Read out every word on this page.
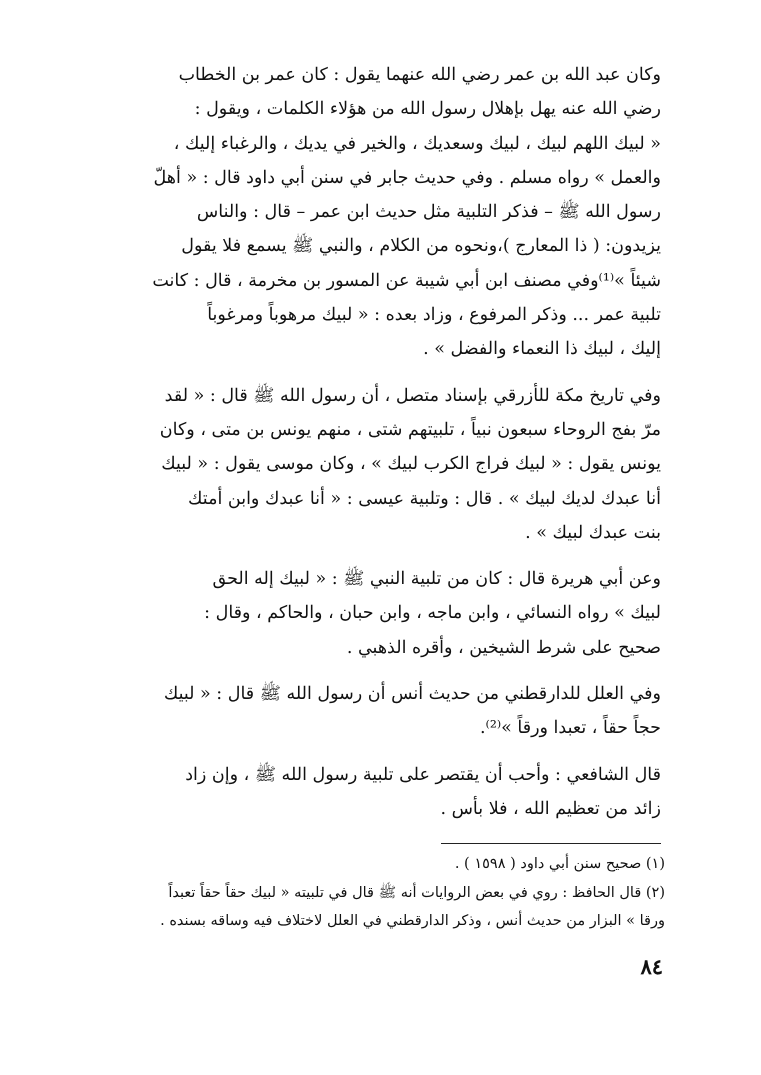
وكان عبد الله بن عمر رضي الله عنهما يقول : كان عمر بن الخطاب
رضي الله عنه يهل بإهلال رسول الله من هؤلاء الكلمات ، ويقول :
« لبيك اللهم لبيك ، لبيك وسعديك ، والخير في يديك ، والرغباء إليك ،
والعمل » رواه مسلم . وفي حديث جابر في سنن أبي داود قال : « أهلّ
رسول الله ﷺ – فذكر التلبية مثل حديث ابن عمر – قال : والناس
يزيدون: ( ذا المعارج )،ونحوه من الكلام ، والنبي ﷺ يسمع فلا يقول
شيئاً »⁽¹⁾وفي مصنف ابن أبي شيبة عن المسور بن مخرمة ، قال : كانت
تلبية عمر ... وذكر المرفوع ، وزاد بعده : « لبيك مرهوباً ومرغوباً
إليك ، لبيك ذا النعماء والفضل » .
وفي تاريخ مكة للأزرقي بإسناد متصل ، أن رسول الله ﷺ قال : « لقد
مرّ بفج الروحاء سبعون نبياً ، تلبيتهم شتى ، منهم يونس بن متى ، وكان
يونس يقول : « لبيك فراج الكرب لبيك » ، وكان موسى يقول : « لبيك
أنا عبدك لديك لبيك » . قال : وتلبية عيسى : « أنا عبدك وابن أمتك
بنت عبدك لبيك » .
وعن أبي هريرة قال : كان من تلبية النبي ﷺ : « لبيك إله الحق
لبيك » رواه النسائي ، وابن ماجه ، وابن حبان ، والحاكم ، وقال :
صحيح على شرط الشيخين ، وأقره الذهبي .
وفي العلل للدارقطني من حديث أنس أن رسول الله ﷺ قال : « لبيك
حجاً حقاً ، تعبدا ورقاً »⁽²⁾.
قال الشافعي : وأحب أن يقتصر على تلبية رسول الله ﷺ ، وإن زاد
زائد من تعظيم الله ، فلا بأس .
(١) صحيح سنن أبي داود ( ١٥٩٨ ) .
(٢) قال الحافظ : روي في بعض الروايات أنه ﷺ قال في تلبيته « لبيك حقاً حقاً تعبداً
ورقا » البزار من حديث أنس ، وذكر الدارقطني في العلل لاختلاف فيه وساقه بسنده .
٨٤
